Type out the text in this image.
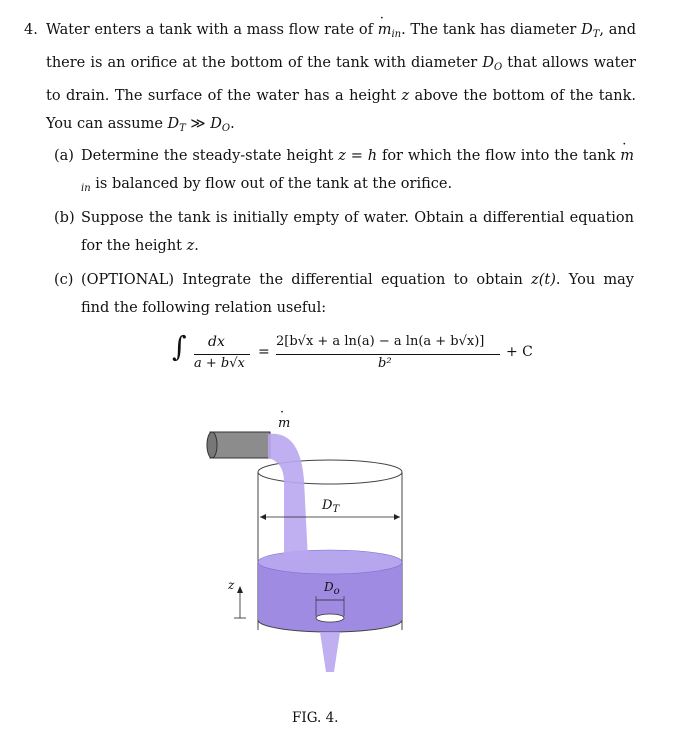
4. Water enters a tank with a mass flow rate of $m \cdot_{in}$. The tank has diameter $D_T$, and there is an orifice at the bottom of the tank with diameter $D_O$ that allows water to drain. The surface of the water has a height z above the bottom of the tank. You can assume $D_T$ ≫ $D_O$.
(a) Determine the steady-state height z = h for which the flow into the tank $m \cdot_{in}$ is balanced by flow out of the tank at the orifice.
(b) Suppose the tank is initially empty of water. Obtain a differential equation for the height z.
(c) (OPTIONAL) Integrate the differential equation to obtain z(t). You may find the following relation useful:
∫ dx
a + b√x
=
2[b√x + a ln(a) − a ln(a + b√x)]
b²
+ C
m ·
$D_T$
$D_o$
z
FIG. 4.
